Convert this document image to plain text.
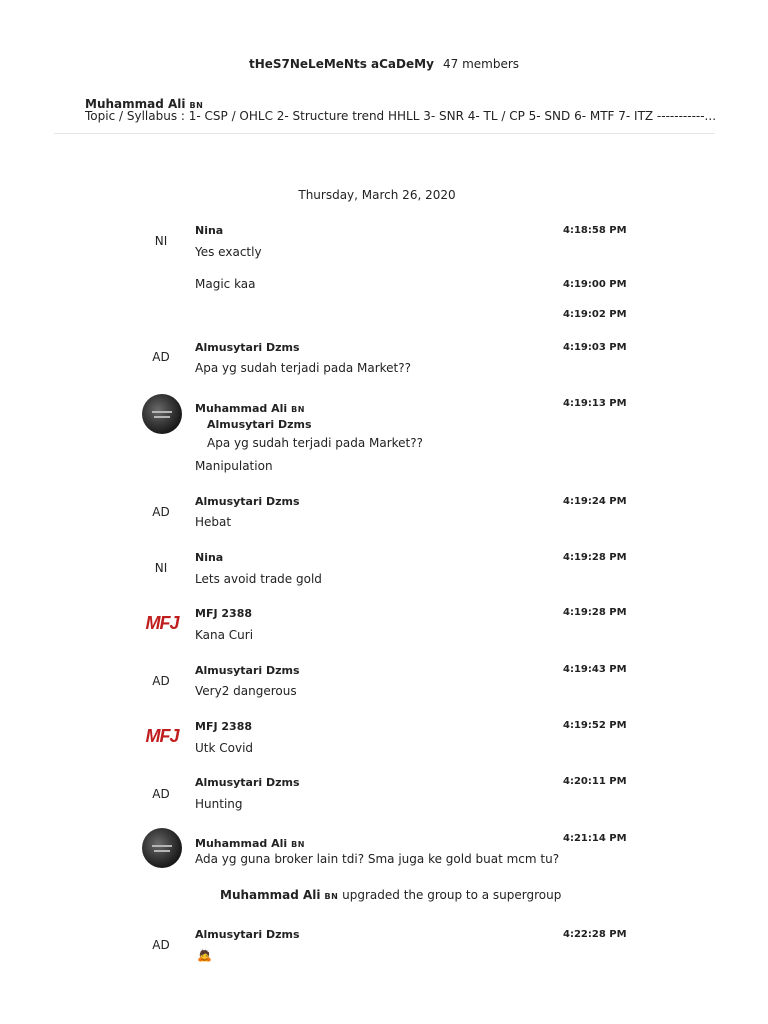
tHeS7NeLeMeNts aCaDeMy 47 members
Muhammad Ali BN
Topic / Syllabus : 1- CSP / OHLC 2- Structure trend HHLL 3- SNR 4- TL / CP 5- SND 6- MTF 7- ITZ -----------...
Thursday, March 26, 2020
NI
Nina
Yes exactly
4:18:58 PM
Magic kaa	4:19:00 PM
4:19:02 PM
AD
Almusytari Dzms
Apa yg sudah terjadi pada Market??
4:19:03 PM
Muhammad Ali BN
Almusytari Dzms
Apa yg sudah terjadi pada Market??
Manipulation
4:19:13 PM
AD
Almusytari Dzms
Hebat
4:19:24 PM
NI
Nina
Lets avoid trade gold
4:19:28 PM
MFJ	MFJ 2388
Kana Curi
4:19:28 PM
AD
Almusytari Dzms
Very2 dangerous
4:19:43 PM
MFJ	MFJ 2388
Utk Covid
4:19:52 PM
AD
Almusytari Dzms
Hunting
4:20:11 PM
Muhammad Ali BN
Ada yg guna broker lain tdi? Sma juga ke gold buat mcm tu?
4:21:14 PM
Muhammad Ali BN upgraded the group to a supergroup
AD
Almusytari Dzms
🙇
4:22:28 PM
